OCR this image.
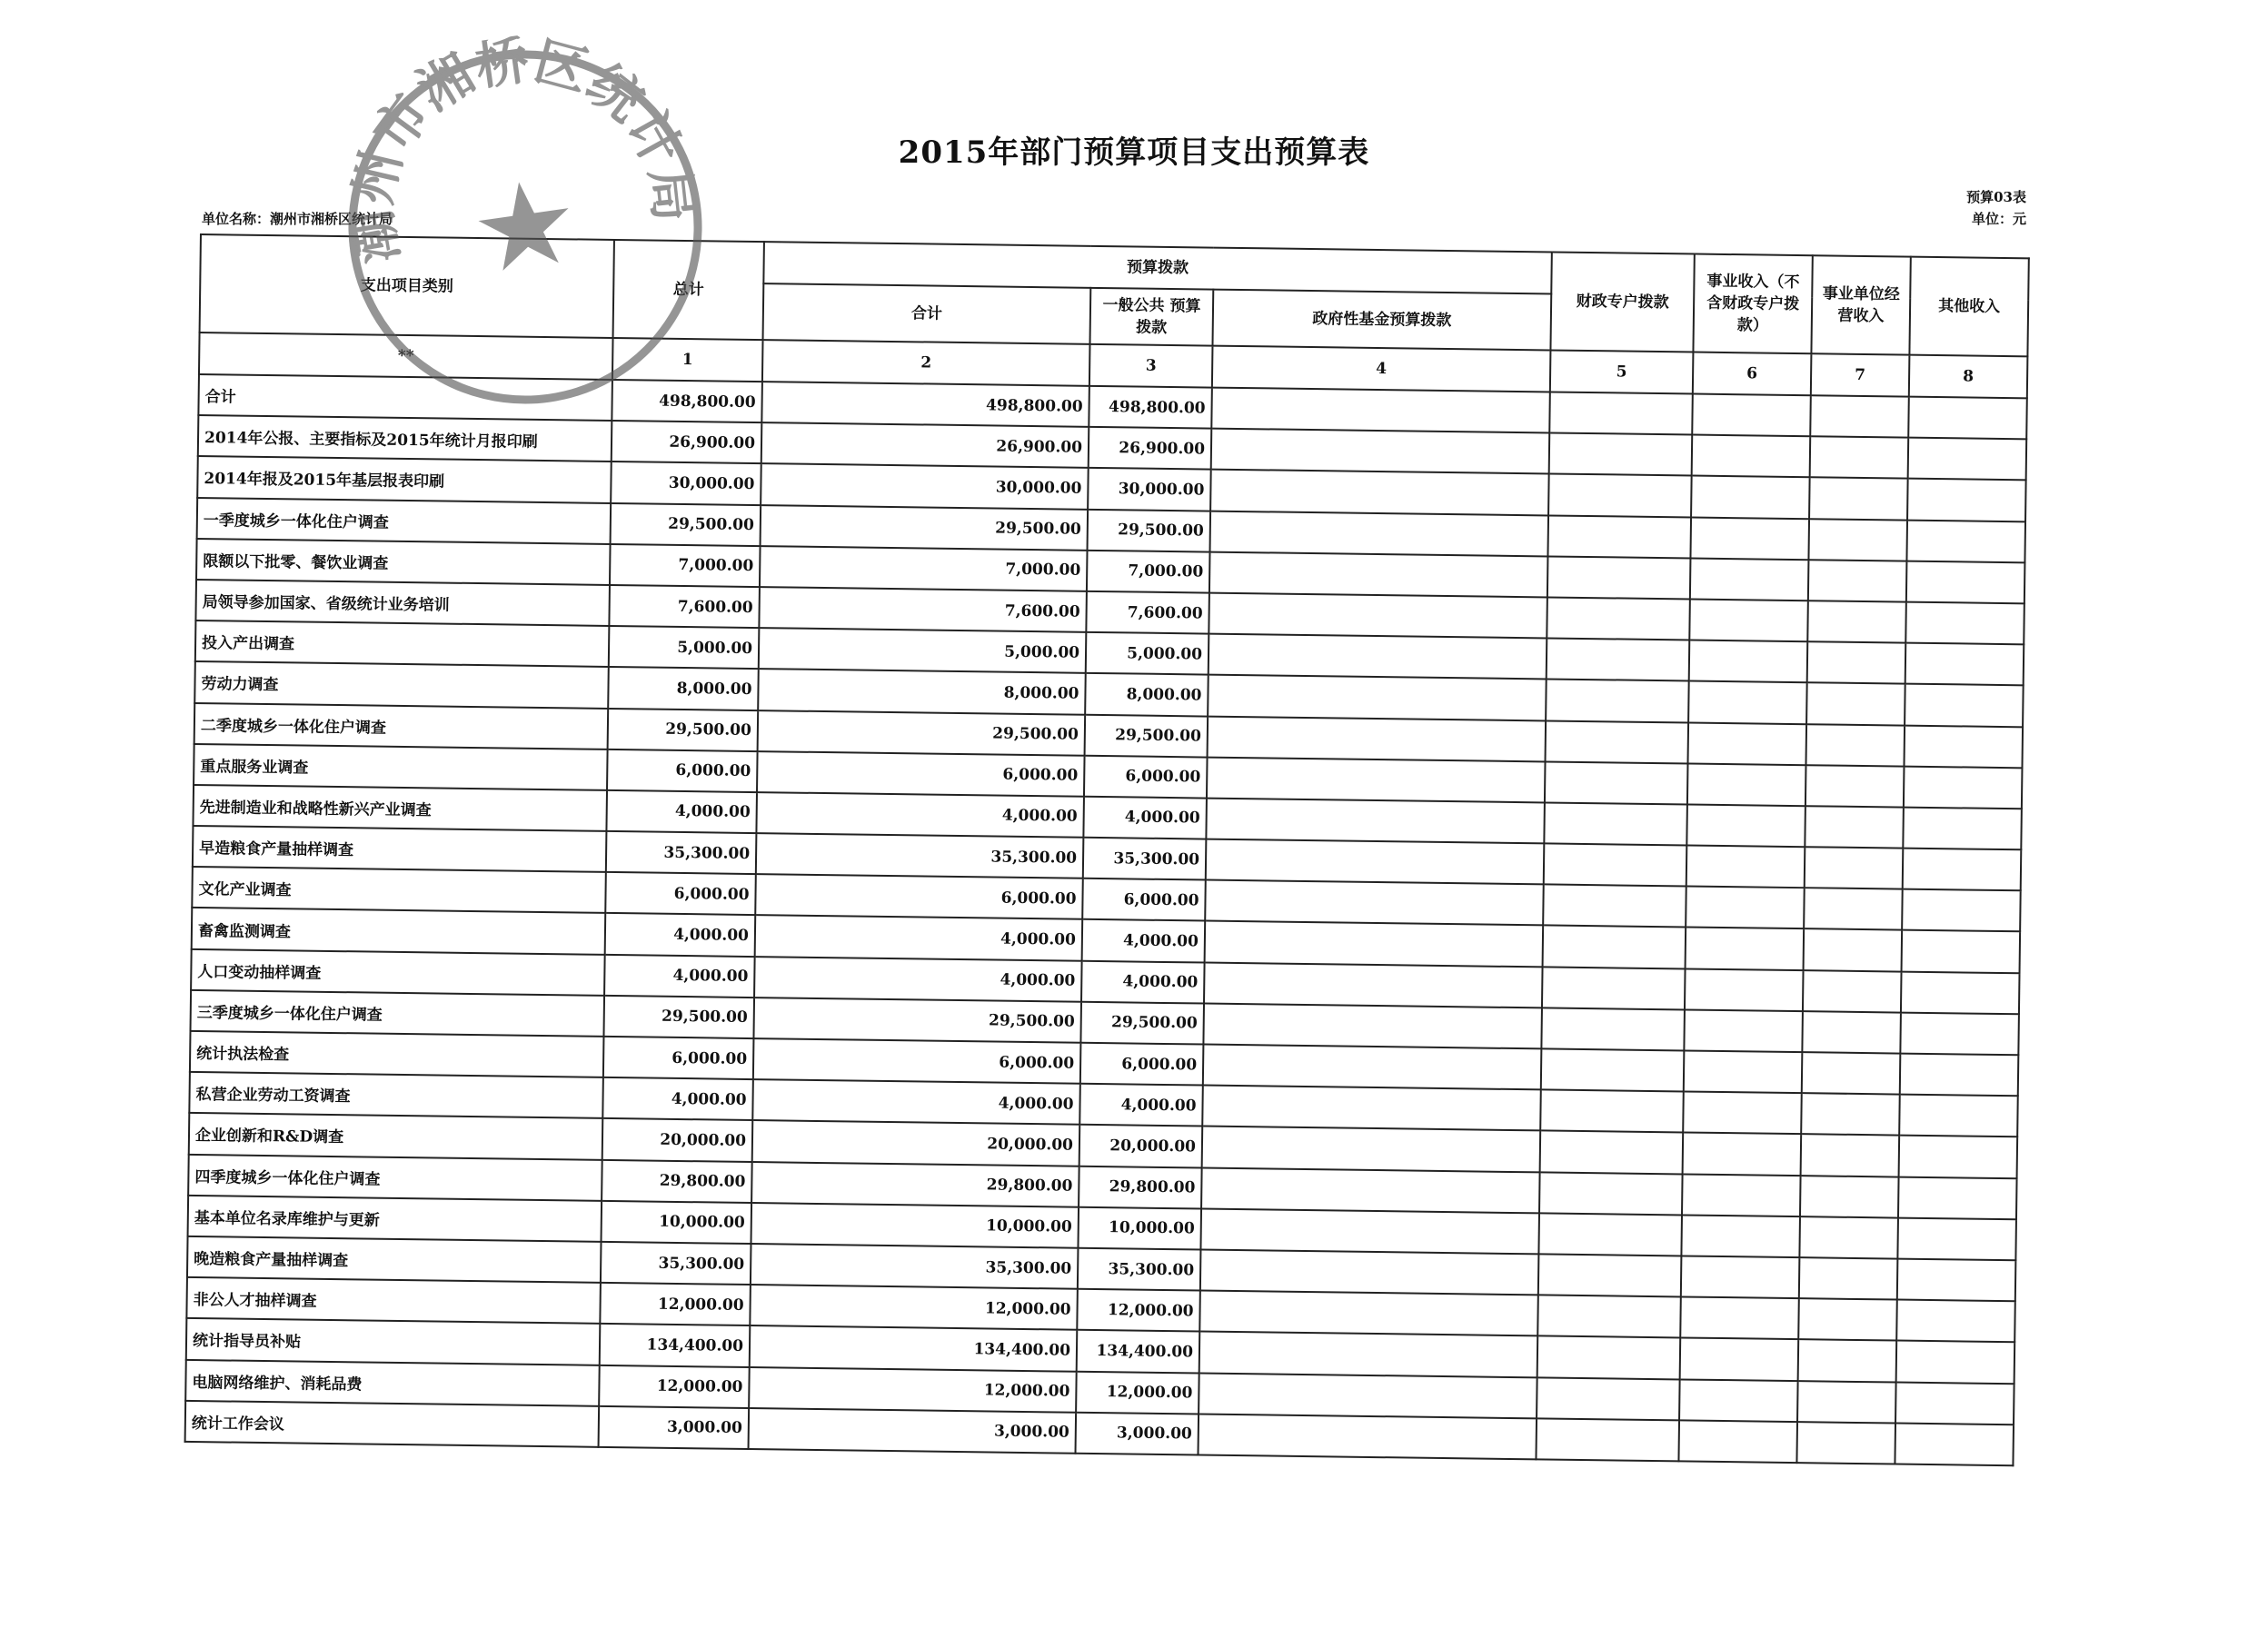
2015年部门预算项目支出预算表
单位名称：潮州市湘桥区统计局
预算03表
单位：元
支出项目类别	总计	预算拨款			财政专户拨款	事业收入（不含财政专户拨款）	事业单位经营收入	其他收入
		合计	一般公共 预算拨款	政府性基金预算拨款				
**	1	2	3	4	5	6	7	8
合计	498,800.00	498,800.00	498,800.00					
2014年公报、主要指标及2015年统计月报印刷	26,900.00	26,900.00	26,900.00					
2014年报及2015年基层报表印刷	30,000.00	30,000.00	30,000.00					
一季度城乡一体化住户调查	29,500.00	29,500.00	29,500.00					
限额以下批零、餐饮业调查	7,000.00	7,000.00	7,000.00					
局领导参加国家、省级统计业务培训	7,600.00	7,600.00	7,600.00					
投入产出调查	5,000.00	5,000.00	5,000.00					
劳动力调查	8,000.00	8,000.00	8,000.00					
二季度城乡一体化住户调查	29,500.00	29,500.00	29,500.00					
重点服务业调查	6,000.00	6,000.00	6,000.00					
先进制造业和战略性新兴产业调查	4,000.00	4,000.00	4,000.00					
早造粮食产量抽样调查	35,300.00	35,300.00	35,300.00					
文化产业调查	6,000.00	6,000.00	6,000.00					
畜禽监测调查	4,000.00	4,000.00	4,000.00					
人口变动抽样调查	4,000.00	4,000.00	4,000.00					
三季度城乡一体化住户调查	29,500.00	29,500.00	29,500.00					
统计执法检查	6,000.00	6,000.00	6,000.00					
私营企业劳动工资调查	4,000.00	4,000.00	4,000.00					
企业创新和R&D调查	20,000.00	20,000.00	20,000.00					
四季度城乡一体化住户调查	29,800.00	29,800.00	29,800.00					
基本单位名录库维护与更新	10,000.00	10,000.00	10,000.00					
晚造粮食产量抽样调查	35,300.00	35,300.00	35,300.00					
非公人才抽样调查	12,000.00	12,000.00	12,000.00					
统计指导员补贴	134,400.00	134,400.00	134,400.00					
电脑网络维护、消耗品费	12,000.00	12,000.00	12,000.00					
统计工作会议	3,000.00	3,000.00	3,000.00					
潮州市湘桥区统计局
